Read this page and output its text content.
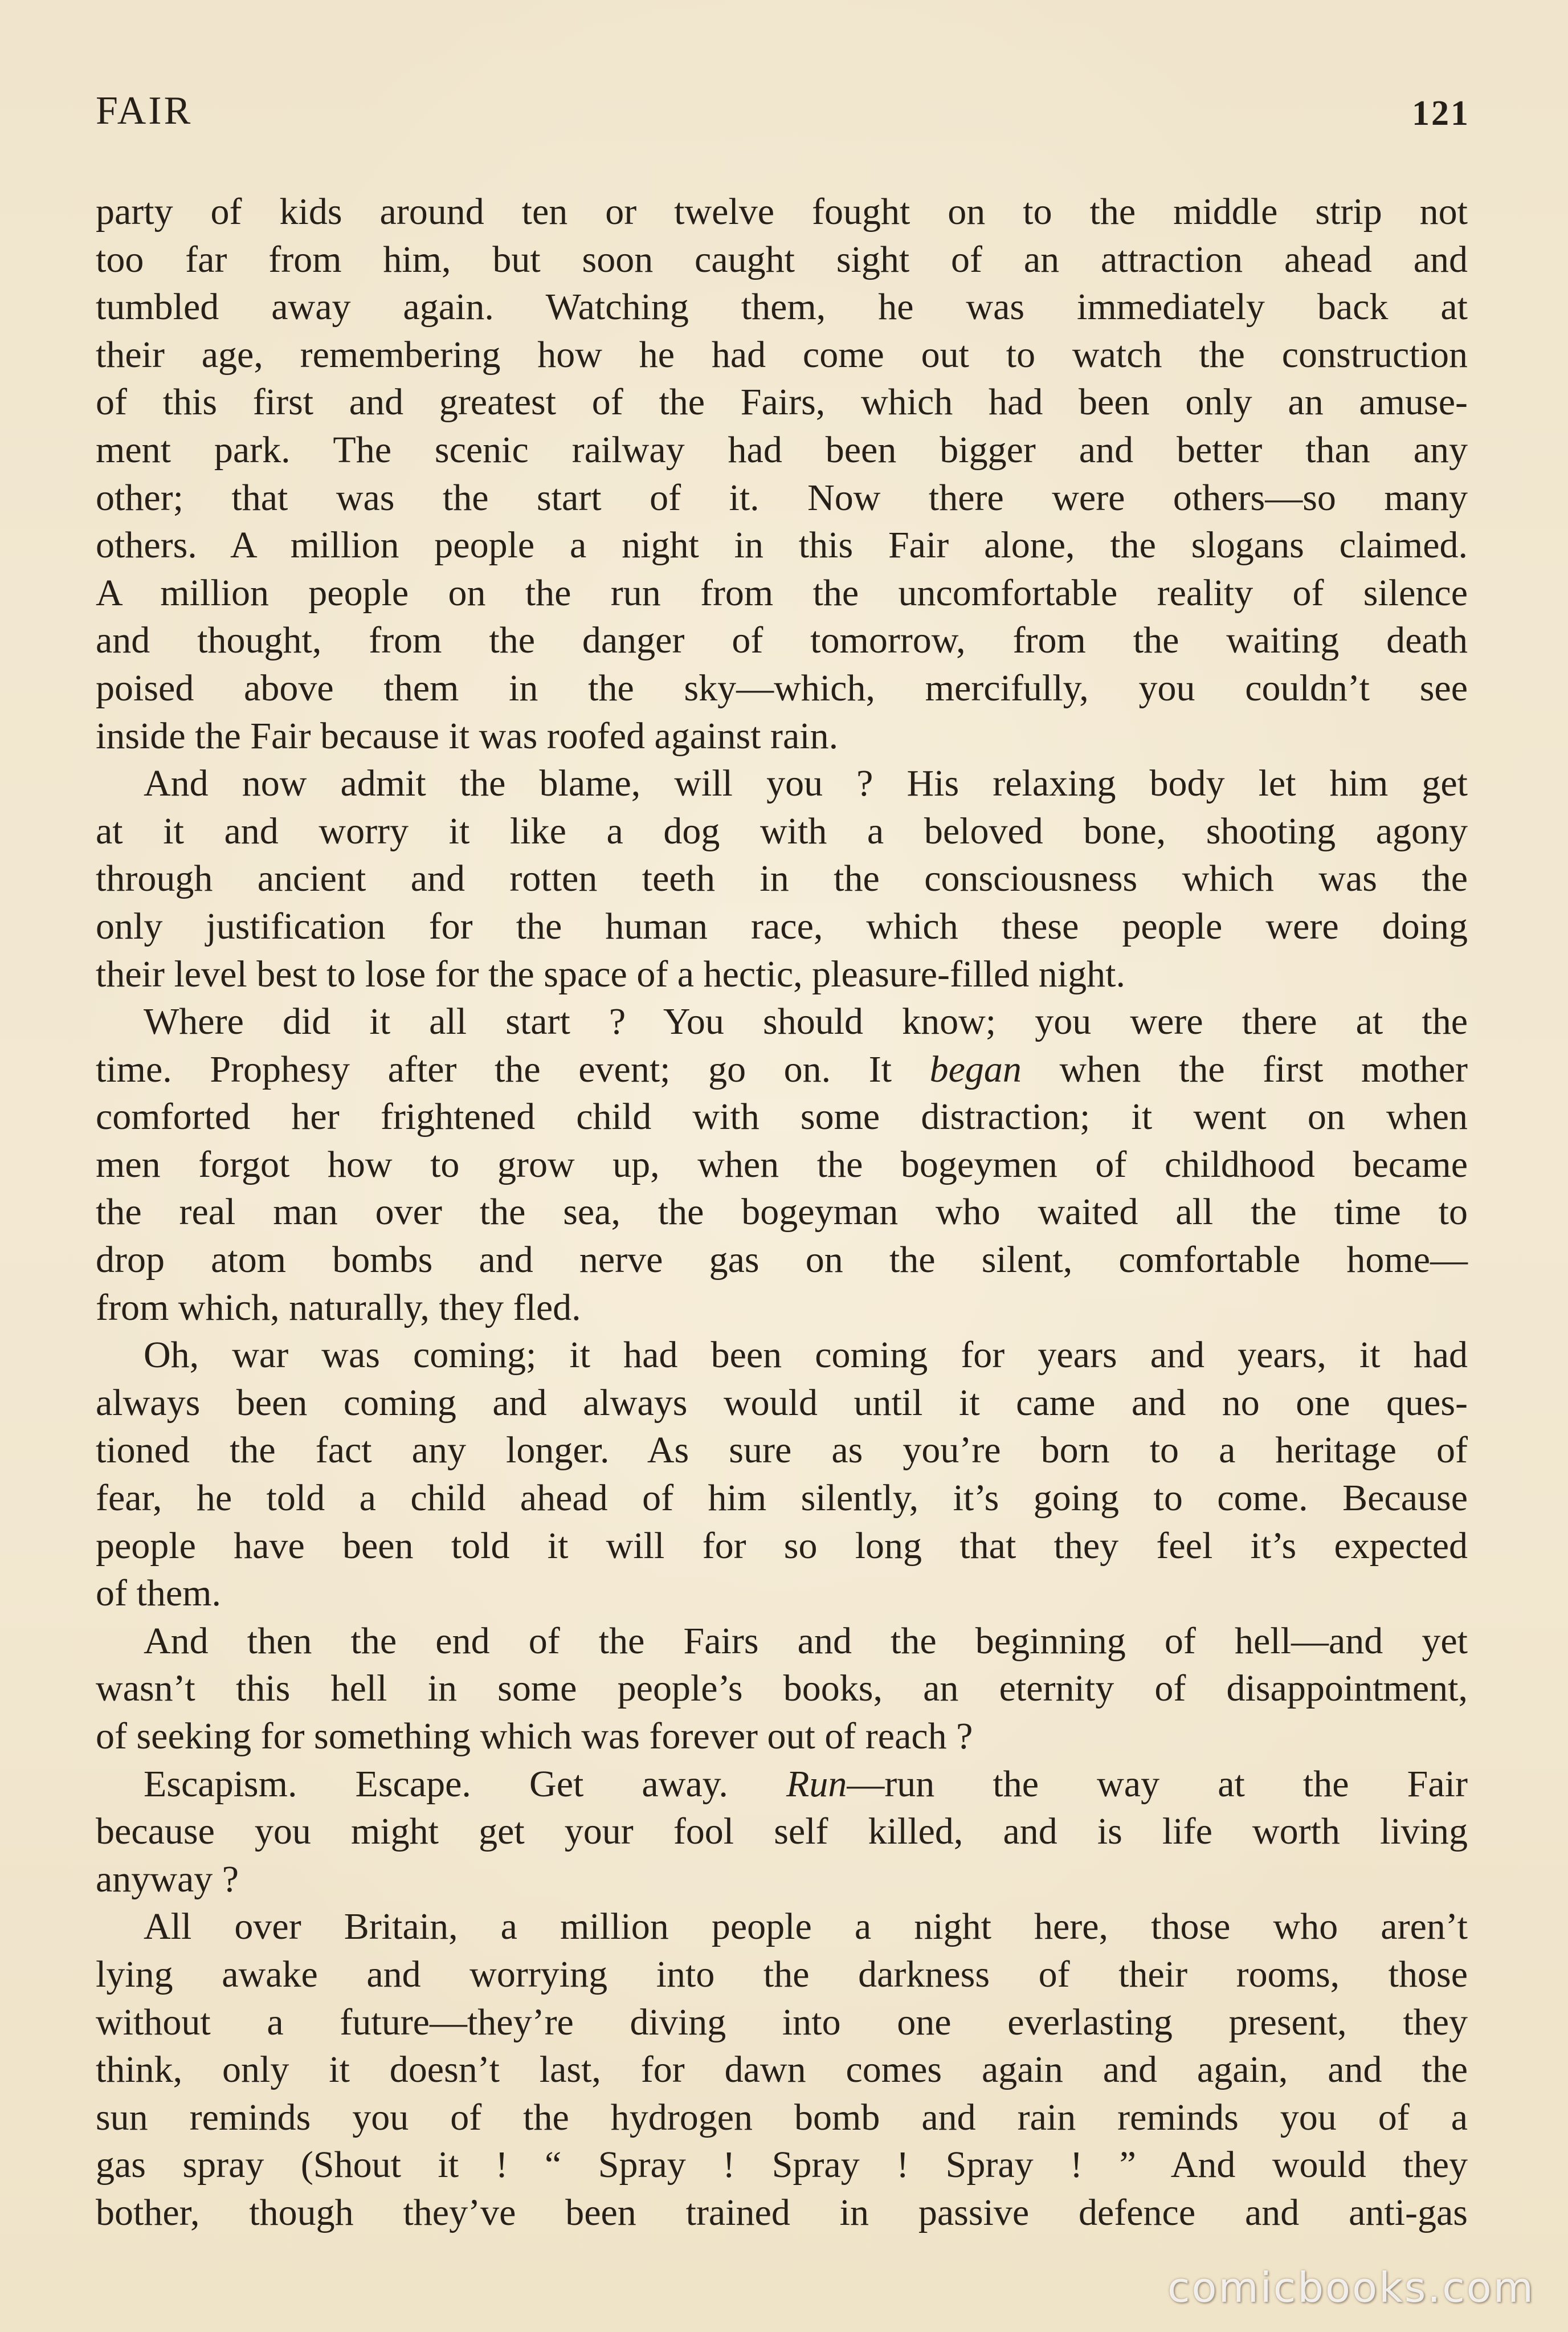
FAIR	121
party of kids around ten or twelve fought on to the middle strip not
too far from him, but soon caught sight of an attraction ahead and
tumbled away again. Watching them, he was immediately back at
their age, remembering how he had come out to watch the construction
of this first and greatest of the Fairs, which had been only an amuse-
ment park. The scenic railway had been bigger and better than any
other; that was the start of it. Now there were others—so many
others. A million people a night in this Fair alone, the slogans claimed.
A million people on the run from the uncomfortable reality of silence
and thought, from the danger of tomorrow, from the waiting death
poised above them in the sky—which, mercifully, you couldn’t see
inside the Fair because it was roofed against rain.
And now admit the blame, will you ? His relaxing body let him get
at it and worry it like a dog with a beloved bone, shooting agony
through ancient and rotten teeth in the consciousness which was the
only justification for the human race, which these people were doing
their level best to lose for the space of a hectic, pleasure-filled night.
Where did it all start ? You should know; you were there at the
time. Prophesy after the event; go on. It began when the first mother
comforted her frightened child with some distraction; it went on when
men forgot how to grow up, when the bogeymen of childhood became
the real man over the sea, the bogeyman who waited all the time to
drop atom bombs and nerve gas on the silent, comfortable home—
from which, naturally, they fled.
Oh, war was coming; it had been coming for years and years, it had
always been coming and always would until it came and no one ques-
tioned the fact any longer. As sure as you’re born to a heritage of
fear, he told a child ahead of him silently, it’s going to come. Because
people have been told it will for so long that they feel it’s expected
of them.
And then the end of the Fairs and the beginning of hell—and yet
wasn’t this hell in some people’s books, an eternity of disappointment,
of seeking for something which was forever out of reach ?
Escapism. Escape. Get away. Run—run the way at the Fair
because you might get your fool self killed, and is life worth living
anyway ?
All over Britain, a million people a night here, those who aren’t
lying awake and worrying into the darkness of their rooms, those
without a future—they’re diving into one everlasting present, they
think, only it doesn’t last, for dawn comes again and again, and the
sun reminds you of the hydrogen bomb and rain reminds you of a
gas spray (Shout it ! “ Spray ! Spray ! Spray ! ” And would they
bother, though they’ve been trained in passive defence and anti-gas
comicbooks.com
